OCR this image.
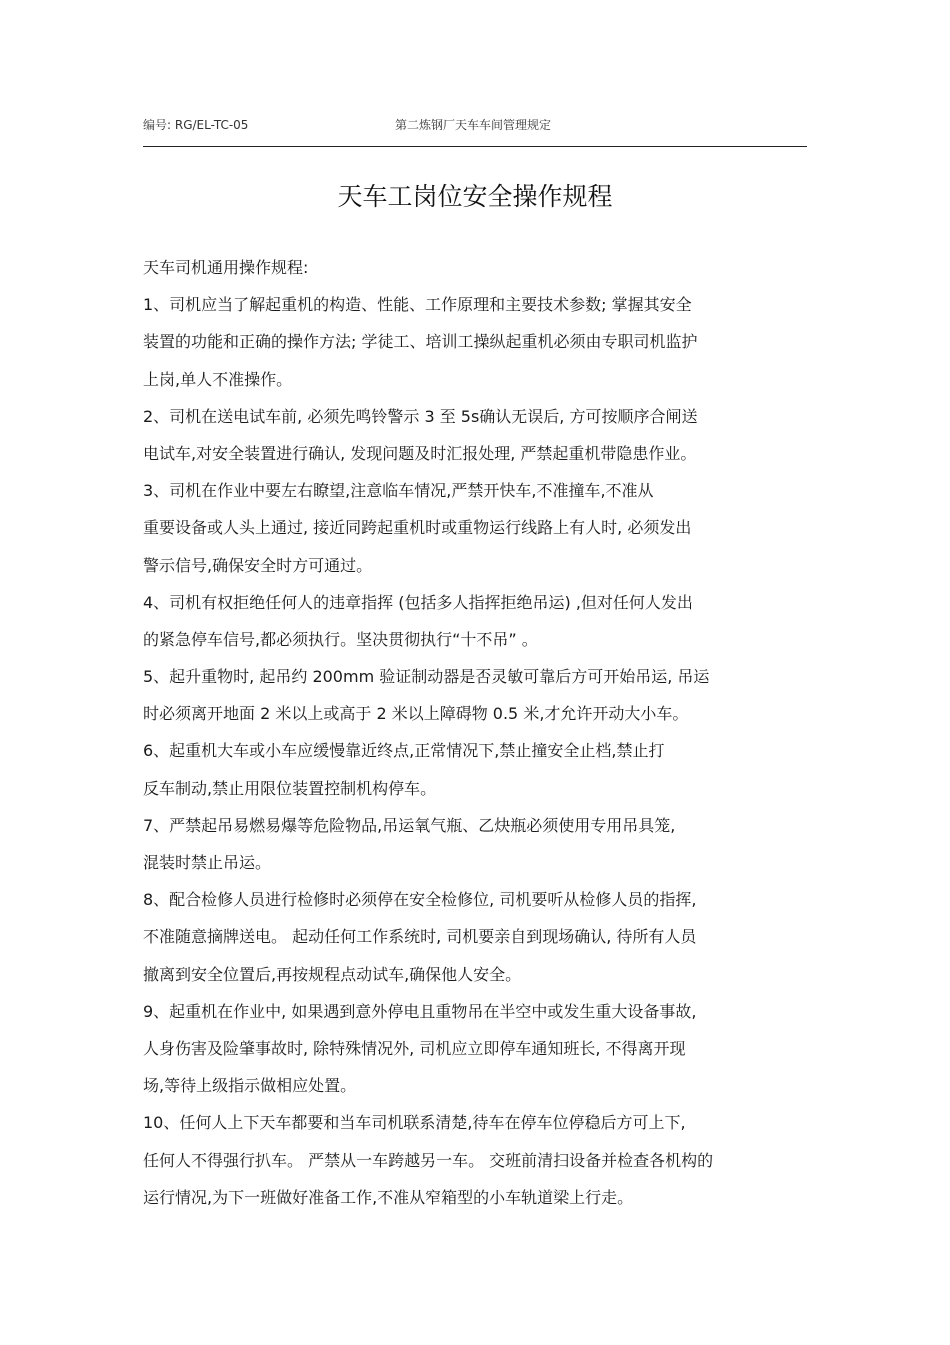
编号: RG/EL-TC-05	第二炼钢厂天车车间管理规定
天车工岗位安全操作规程
天车司机通用操作规程:
1、司机应当了解起重机的构造、性能、工作原理和主要技术参数; 掌握其安全
装置的功能和正确的操作方法; 学徒工、培训工操纵起重机必须由专职司机监护
上岗,单人不准操作。
2、司机在送电试车前, 必须先鸣铃警示 3 至 5s确认无误后, 方可按顺序合闸送
电试车,对安全装置进行确认, 发现问题及时汇报处理, 严禁起重机带隐患作业。
3、司机在作业中要左右瞭望,注意临车情况,严禁开快车,不准撞车,不准从
重要设备或人头上通过, 接近同跨起重机时或重物运行线路上有人时, 必须发出
警示信号,确保安全时方可通过。
4、司机有权拒绝任何人的违章指挥 (包括多人指挥拒绝吊运) ,但对任何人发出
的紧急停车信号,都必须执行。坚决贯彻执行“十不吊” 。
5、起升重物时, 起吊约 200mm 验证制动器是否灵敏可靠后方可开始吊运, 吊运
时必须离开地面 2 米以上或高于 2 米以上障碍物 0.5 米,才允许开动大小车。
6、起重机大车或小车应缓慢靠近终点,正常情况下,禁止撞安全止档,禁止打
反车制动,禁止用限位装置控制机构停车。
7、严禁起吊易燃易爆等危险物品,吊运氧气瓶、乙炔瓶必须使用专用吊具笼,
混装时禁止吊运。
8、配合检修人员进行检修时必须停在安全检修位, 司机要听从检修人员的指挥,
不准随意摘牌送电。 起动任何工作系统时, 司机要亲自到现场确认, 待所有人员
撤离到安全位置后,再按规程点动试车,确保他人安全。
9、起重机在作业中, 如果遇到意外停电且重物吊在半空中或发生重大设备事故,
人身伤害及险肇事故时, 除特殊情况外, 司机应立即停车通知班长, 不得离开现
场,等待上级指示做相应处置。
10、任何人上下天车都要和当车司机联系清楚,待车在停车位停稳后方可上下,
任何人不得强行扒车。 严禁从一车跨越另一车。 交班前清扫设备并检查各机构的
运行情况,为下一班做好准备工作,不准从窄箱型的小车轨道梁上行走。
